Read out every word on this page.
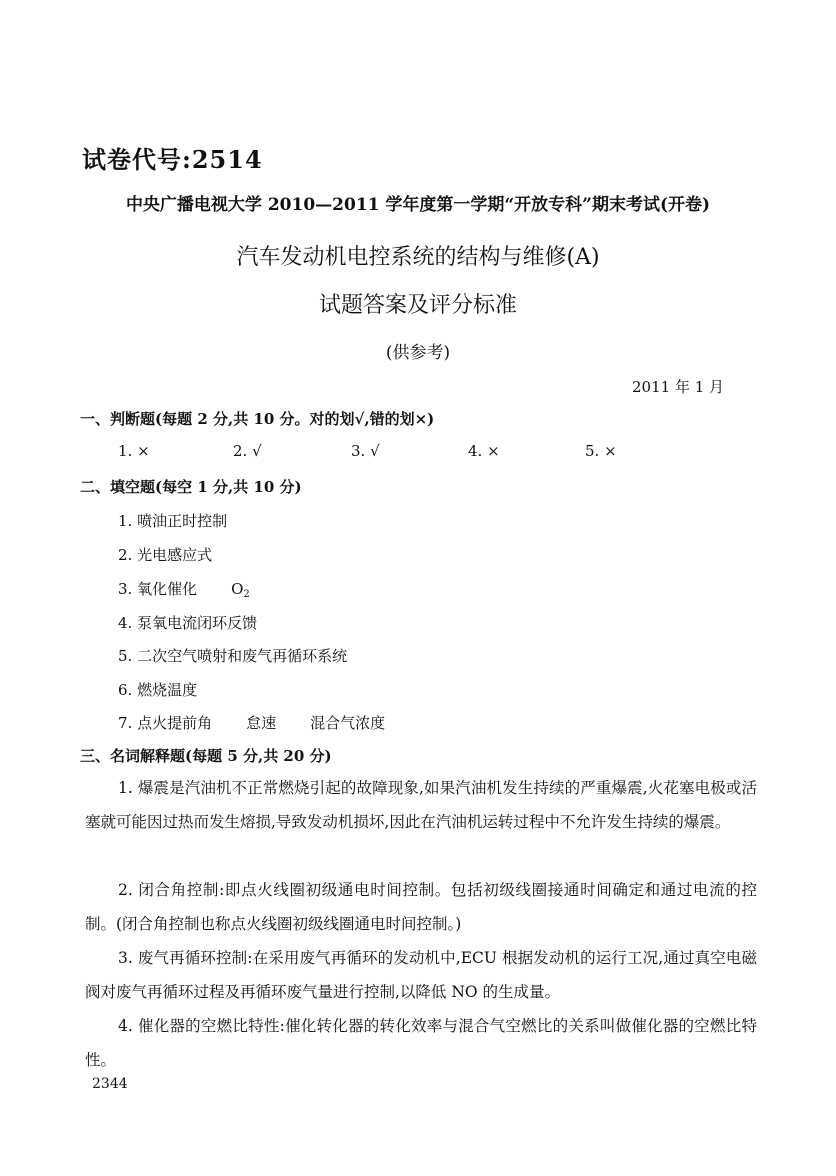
试卷代号:2514
中央广播电视大学 2010—2011 学年度第一学期“开放专科”期末考试(开卷)
汽车发动机电控系统的结构与维修(A)
试题答案及评分标准
(供参考)
2011 年 1 月
一、判断题(每题 2 分,共 10 分。对的划√,错的划×)
1. ×	2. √	3. √	4. ×	5. ×
二、填空题(每空 1 分,共 10 分)
1. 喷油正时控制
2. 光电感应式
3. 氧化催化 $O_2$
4. 泵氧电流闭环反馈
5. 二次空气喷射和废气再循环系统
6. 燃烧温度
7. 点火提前角 怠速 混合气浓度
三、名词解释题(每题 5 分,共 20 分)
1. 爆震是汽油机不正常燃烧引起的故障现象,如果汽油机发生持续的严重爆震,火花塞电极或活塞就可能因过热而发生熔损,导致发动机损坏,因此在汽油机运转过程中不允许发生持续的爆震。
2. 闭合角控制:即点火线圈初级通电时间控制。包括初级线圈接通时间确定和通过电流的控制。(闭合角控制也称点火线圈初级线圈通电时间控制。)
3. 废气再循环控制:在采用废气再循环的发动机中,ECU 根据发动机的运行工况,通过真空电磁阀对废气再循环过程及再循环废气量进行控制,以降低 NO 的生成量。
4. 催化器的空燃比特性:催化转化器的转化效率与混合气空燃比的关系叫做催化器的空燃比特性。
2344
